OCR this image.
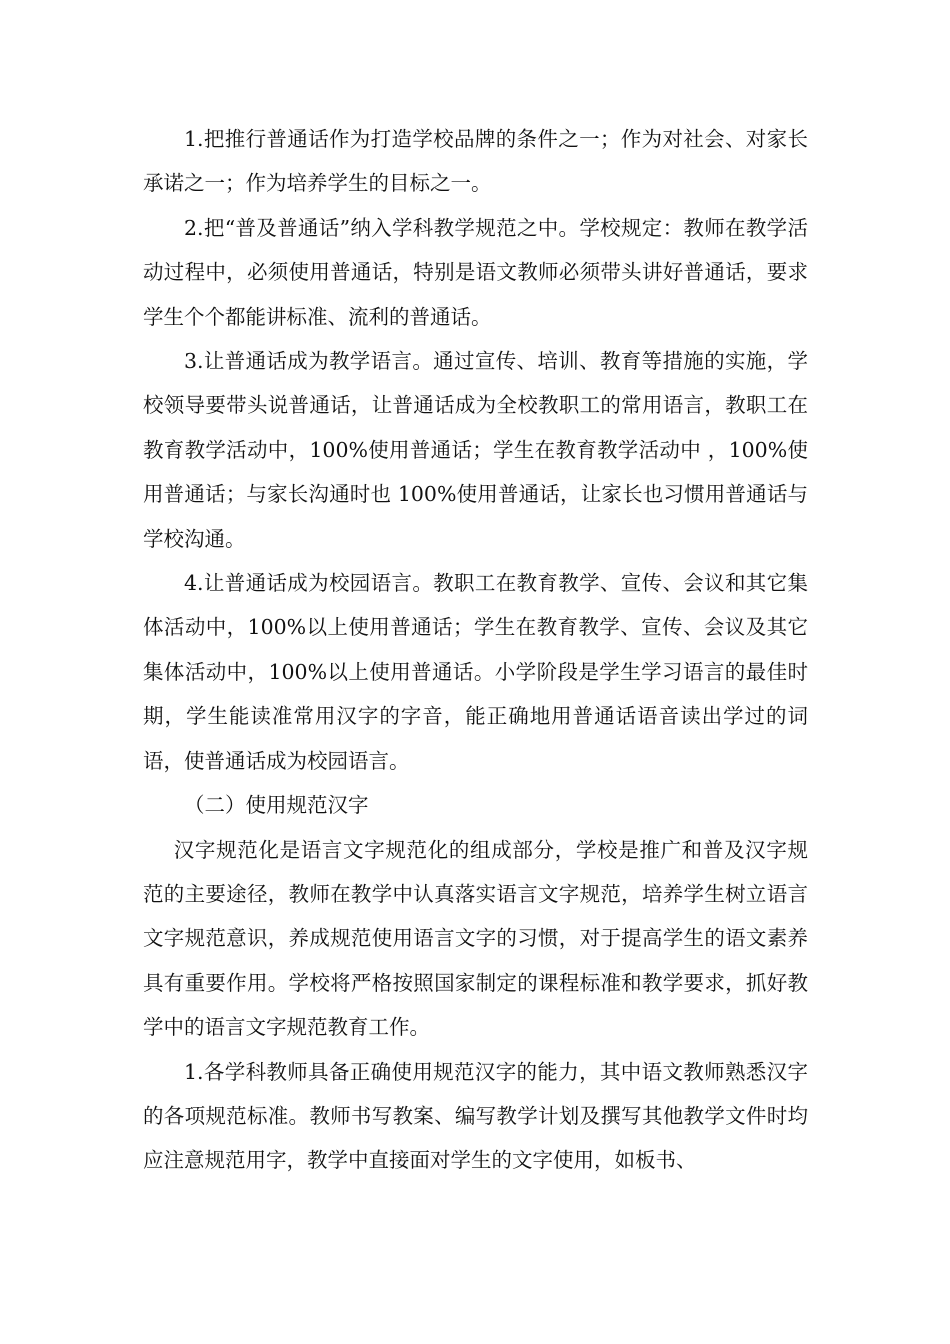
1.把推行普通话作为打造学校品牌的条件之一；作为对社会、对家长承诺之一；作为培养学生的目标之一。

2.把“普及普通话”纳入学科教学规范之中。学校规定：教师在教学活动过程中，必须使用普通话，特别是语文教师必须带头讲好普通话，要求学生个个都能讲标准、流利的普通话。

3.让普通话成为教学语言。通过宣传、培训、教育等措施的实施，学校领导要带头说普通话，让普通话成为全校教职工的常用语言，教职工在教育教学活动中，100%使用普通话；学生在教育教学活动中 ，100%使用普通话；与家长沟通时也 100%使用普通话，让家长也习惯用普通话与学校沟通。

4.让普通话成为校园语言。教职工在教育教学、宣传、会议和其它集体活动中，100%以上使用普通话；学生在教育教学、宣传、会议及其它集体活动中，100%以上使用普通话。小学阶段是学生学习语言的最佳时期，学生能读准常用汉字的字音，能正确地用普通话语音读出学过的词语，使普通话成为校园语言。

（二）使用规范汉字

汉字规范化是语言文字规范化的组成部分，学校是推广和普及汉字规范的主要途径，教师在教学中认真落实语言文字规范，培养学生树立语言文字规范意识，养成规范使用语言文字的习惯，对于提高学生的语文素养具有重要作用。学校将严格按照国家制定的课程标准和教学要求，抓好教学中的语言文字规范教育工作。

1.各学科教师具备正确使用规范汉字的能力，其中语文教师熟悉汉字的各项规范标准。教师书写教案、编写教学计划及撰写其他教学文件时均应注意规范用字，教学中直接面对学生的文字使用，如板书、
